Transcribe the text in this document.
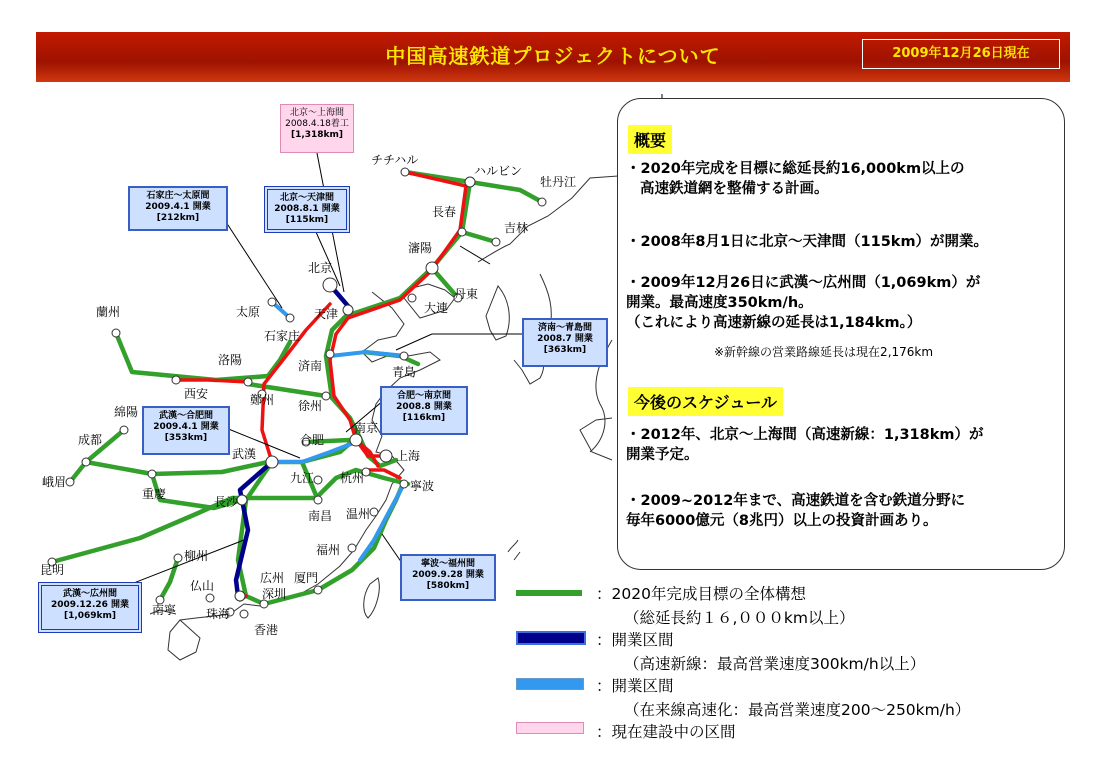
中国高速鉄道プロジェクトについて	2009年12月26日現在
チチハル
ハルビン
牡丹江
長春
吉林
瀋陽
丹東
大連
北京
天津
太原
石家庄
済南	青島
蘭州
洛陽
西安	鄭州 徐州
綿陽
成都
峨眉
重慶
武漢
合肥
南京
上海
杭州
寧波
九江
長沙
南昌 温州
福州
昆明
柳州
仏山
広州
深圳
厦門
南寧 珠海
香港
北京～上海間
2008.4.18着工
[1,318km]
石家庄～太原間
2009.4.1 開業
[212km]
北京～天津間
2008.8.1 開業
[115km]
済南～青島間
2008.7 開業
[363km]
合肥～南京間
2008.8 開業
[116km]
武漢～合肥間
2009.4.1 開業
[353km]
寧波～福州間
2009.9.28 開業
[580km]
武漢～広州間
2009.12.26 開業
[1,069km]
概要
・2020年完成を目標に総延長約16,000km以上の
高速鉄道網を整備する計画。
・2008年8月1日に北京～天津間（115km）が開業。
・2009年12月26日に武漢～広州間（1,069km）が
開業。最高速度350km/h。
（これにより高速新線の延長は1,184km。）
※新幹線の営業路線延長は現在2,176km
今後のスケジュール
・2012年、北京～上海間（高速新線：1,318km）が
開業予定。
・2009~2012年まで、高速鉄道を含む鉄道分野に
毎年6000億元（8兆円）以上の投資計画あり。
：2020年完成目標の全体構想
（総延長約１６,０００km以上）
：開業区間
（高速新線：最高営業速度300km/h以上）
：開業区間
（在来線高速化：最高営業速度200～250km/h）
：現在建設中の区間
